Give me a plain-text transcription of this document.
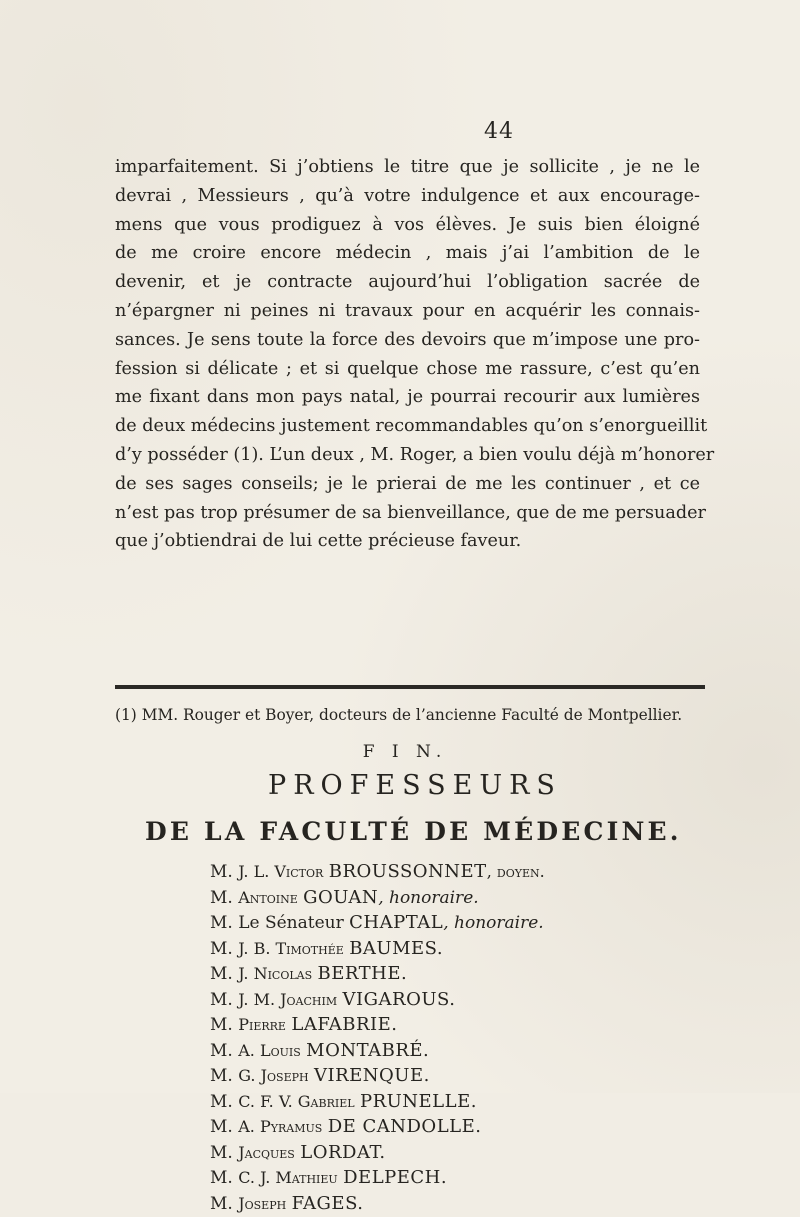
44
imparfaitement. Si j’obtiens le titre que je sollicite , je ne le
devrai , Messieurs , qu’à votre indulgence et aux encourage-
mens que vous prodiguez à vos élèves. Je suis bien éloigné
de me croire encore médecin , mais j’ai l’ambition de le
devenir, et je contracte aujourd’hui l’obligation sacrée de
n’épargner ni peines ni travaux pour en acquérir les connais-
sances. Je sens toute la force des devoirs que m’impose une pro-
fession si délicate ; et si quelque chose me rassure, c’est qu’en
me fixant dans mon pays natal, je pourrai recourir aux lumières
de deux médecins justement recommandables qu’on s’enorgueillit
d’y posséder (1). L’un deux , M. Roger, a bien voulu déjà m’honorer
de ses sages conseils; je le prierai de me les continuer , et ce
n’est pas trop présumer de sa bienveillance, que de me persuader
que j’obtiendrai de lui cette précieuse faveur.
(1) MM. Rouger et Boyer, docteurs de l’ancienne Faculté de Montpellier.
F I N.
PROFESSEURS
DE LA FACULTÉ DE MÉDECINE.
M. J. L. Victor BROUSSONNET, doyen.
M. Antoine GOUAN, honoraire.
M. Le Sénateur CHAPTAL, honoraire.
M. J. B. Timothée BAUMES.
M. J. Nicolas BERTHE.
M. J. M. Joachim VIGAROUS.
M. Pierre LAFABRIE.
M. A. Louis MONTABRÉ.
M. G. Joseph VIRENQUE.
M. C. F. V. Gabriel PRUNELLE.
M. A. Pyramus DE CANDOLLE.
M. Jacques LORDAT.
M. C. J. Mathieu DELPECH.
M. Joseph FAGES.
